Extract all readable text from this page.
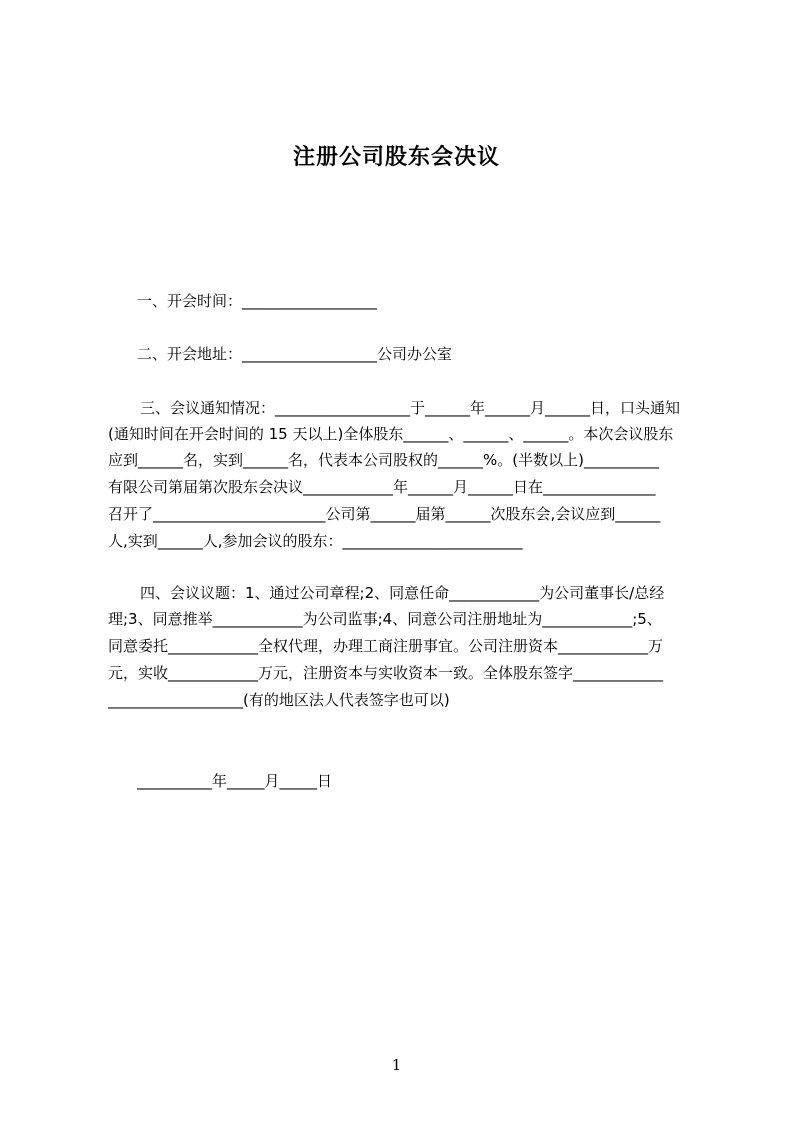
注册公司股东会决议
一、开会时间：__________________
二、开会地址：__________________公司办公室
三、会议通知情况：__________________于______年______月______日，口头通知
(通知时间在开会时间的 15 天以上)全体股东______、______、______。本次会议股东
应到______名，实到______名，代表本公司股权的______%。(半数以上)__________
有限公司第届第次股东会决议____________年______月______日在_______________
召开了_______________________公司第______届第______次股东会,会议应到______
人,实到______人,参加会议的股东：________________________
四、会议议题：1、通过公司章程;2、同意任命____________为公司董事长/总经
理;3、同意推举____________为公司监事;4、同意公司注册地址为____________;5、
同意委托____________全权代理，办理工商注册事宜。公司注册资本____________万
元，实收____________万元，注册资本与实收资本一致。全体股东签字____________
__________________(有的地区法人代表签字也可以)
__________年_____月_____日
1
